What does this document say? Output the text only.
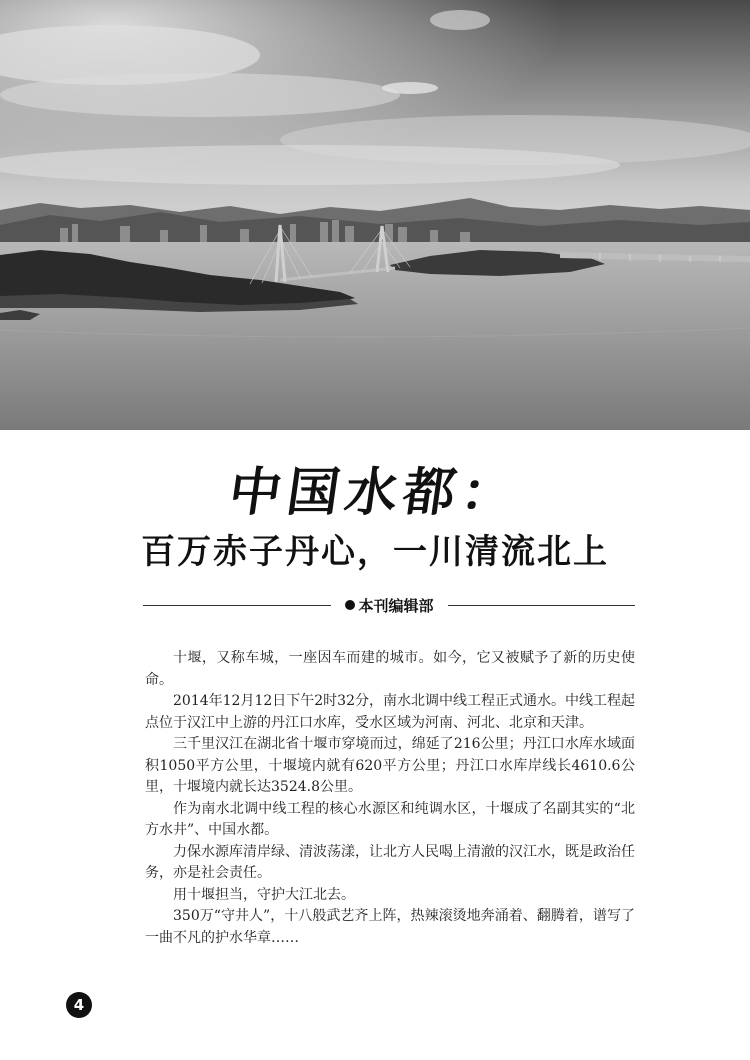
中国水都：
百万赤子丹心，一川清流北上
本刊编辑部

十堰，又称车城，一座因车而建的城市。如今，它又被赋予了新的历史使命。

2014年12月12日下午2时32分，南水北调中线工程正式通水。中线工程起点位于汉江中上游的丹江口水库，受水区域为河南、河北、北京和天津。

三千里汉江在湖北省十堰市穿境而过，绵延了216公里；丹江口水库水域面积1050平方公里，十堰境内就有620平方公里；丹江口水库岸线长4610.6公里，十堰境内就长达3524.8公里。

作为南水北调中线工程的核心水源区和纯调水区，十堰成了名副其实的“北方水井”、中国水都。

力保水源库清岸绿、清波荡漾，让北方人民喝上清澈的汉江水，既是政治任务，亦是社会责任。

用十堰担当，守护大江北去。

350万“守井人”，十八般武艺齐上阵，热辣滚烫地奔涌着、翻腾着，谱写了一曲不凡的护水华章……

4
